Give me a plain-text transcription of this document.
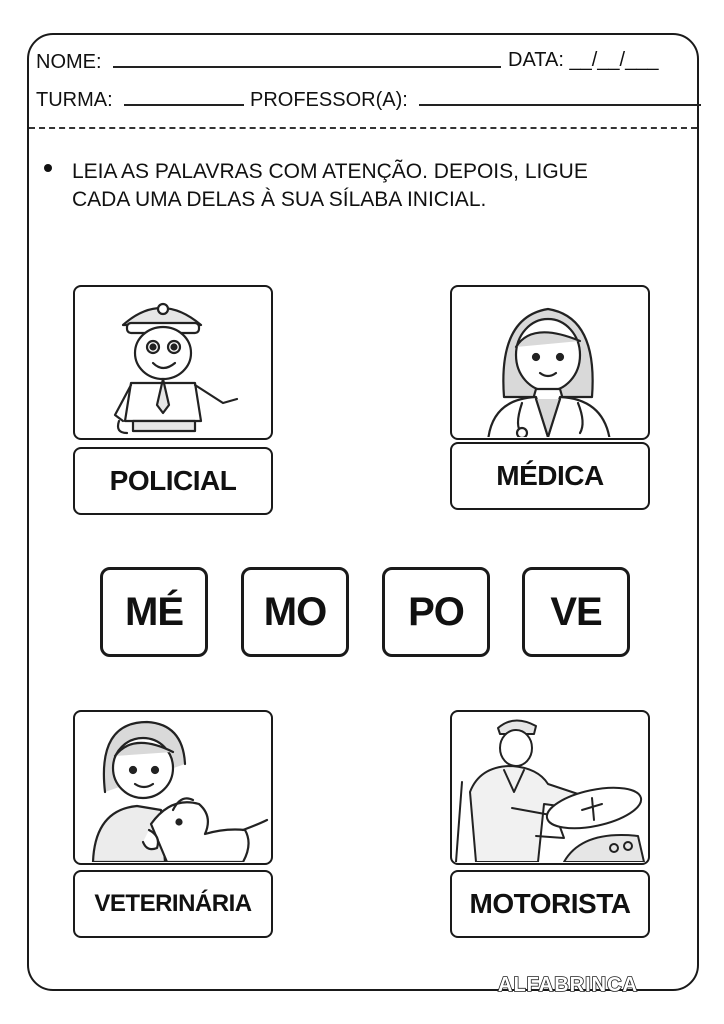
NOME:	DATA: __/__/___
TURMA:	PROFESSOR(A):
LEIA AS PALAVRAS COM ATENÇÃO. DEPOIS, LIGUE
CADA UMA DELAS À SUA SÍLABA INICIAL.
POLICIAL	MÉDICA
MÉ MO PO VE
VETERINÁRIA	MOTORISTA
ALFABRINCA
